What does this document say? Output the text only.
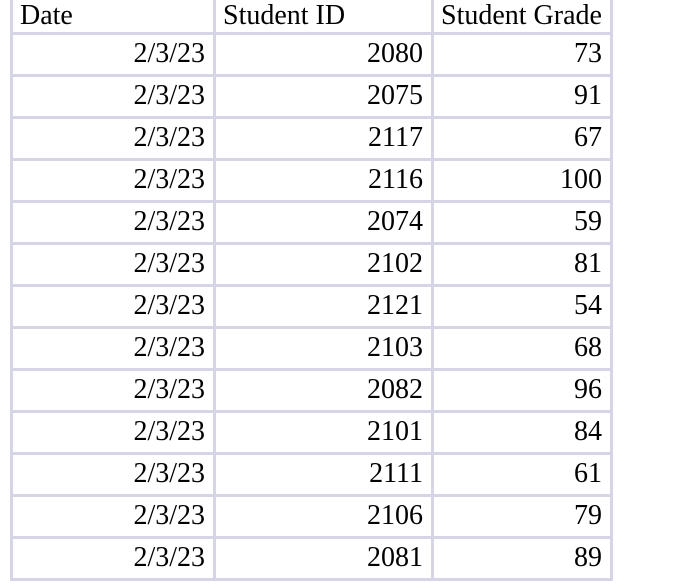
Date	Student ID	Student Grade
2/3/23	2080	73
2/3/23	2075	91
2/3/23	2117	67
2/3/23	2116	100
2/3/23	2074	59
2/3/23	2102	81
2/3/23	2121	54
2/3/23	2103	68
2/3/23	2082	96
2/3/23	2101	84
2/3/23	2111	61
2/3/23	2106	79
2/3/23	2081	89
